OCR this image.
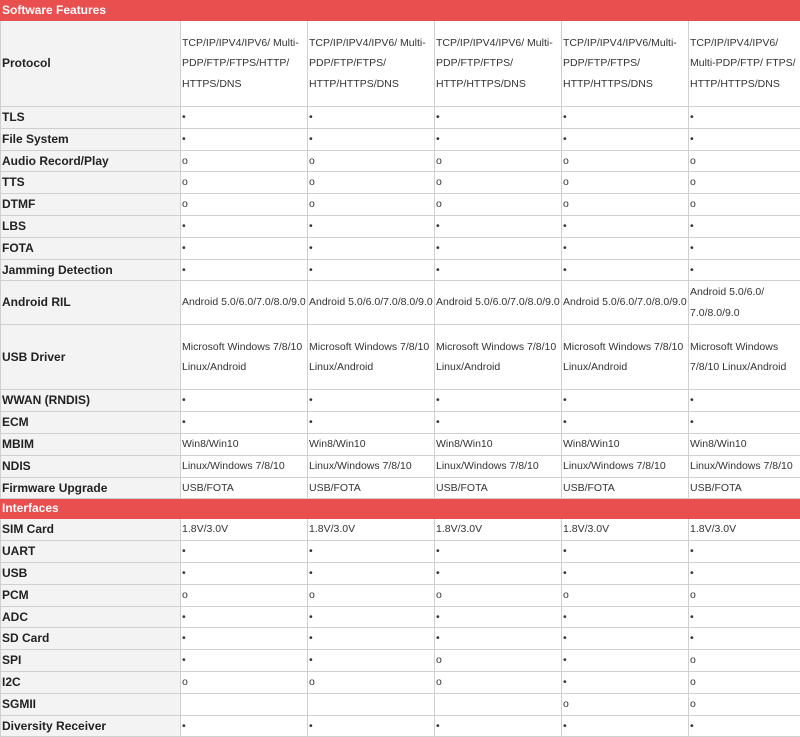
Software Features					
Protocol	TCP/IP/IPV4/IPV6/ Multi-PDP/FTP/FTPS/HTTP/ HTTPS/DNS	TCP/IP/IPV4/IPV6/ Multi-PDP/FTP/FTPS/ HTTP/HTTPS/DNS	TCP/IP/IPV4/IPV6/ Multi-PDP/FTP/FTPS/ HTTP/HTTPS/DNS	TCP/IP/IPV4/IPV6/Multi- PDP/FTP/FTPS/ HTTP/HTTPS/DNS	TCP/IP/IPV4/IPV6/ Multi-PDP/FTP/ FTPS/ HTTP/HTTPS/DNS
TLS	•	•	•	•	•
File System	•	•	•	•	•
Audio Record/Play	o	o	o	o	o
TTS	o	o	o	o	o
DTMF	o	o	o	o	o
LBS	•	•	•	•	•
FOTA	•	•	•	•	•
Jamming Detection	•	•	•	•	•
Android RIL	Android 5.0/6.0/7.0/8.0/9.0	Android 5.0/6.0/7.0/8.0/9.0	Android 5.0/6.0/7.0/8.0/9.0	Android 5.0/6.0/7.0/8.0/9.0	Android 5.0/6.0/ 7.0/8.0/9.0
USB Driver	Microsoft Windows 7/8/10 Linux/Android	Microsoft Windows 7/8/10 Linux/Android	Microsoft Windows 7/8/10 Linux/Android	Microsoft Windows 7/8/10 Linux/Android	Microsoft Windows 7/8/10 Linux/Android
WWAN (RNDIS)	•	•	•	•	•
ECM	•	•	•	•	•
MBIM	Win8/Win10	Win8/Win10	Win8/Win10	Win8/Win10	Win8/Win10
NDIS	Linux/Windows 7/8/10	Linux/Windows 7/8/10	Linux/Windows 7/8/10	Linux/Windows 7/8/10	Linux/Windows 7/8/10
Firmware Upgrade	USB/FOTA	USB/FOTA	USB/FOTA	USB/FOTA	USB/FOTA
Interfaces					
SIM Card	1.8V/3.0V	1.8V/3.0V	1.8V/3.0V	1.8V/3.0V	1.8V/3.0V
UART	•	•	•	•	•
USB	•	•	•	•	•
PCM	o	o	o	o	o
ADC	•	•	•	•	•
SD Card	•	•	•	•	•
SPI	•	•	o	•	o
I2C	o	o	o	•	o
SGMII				o	o
Diversity Receiver	•	•	•	•	•
